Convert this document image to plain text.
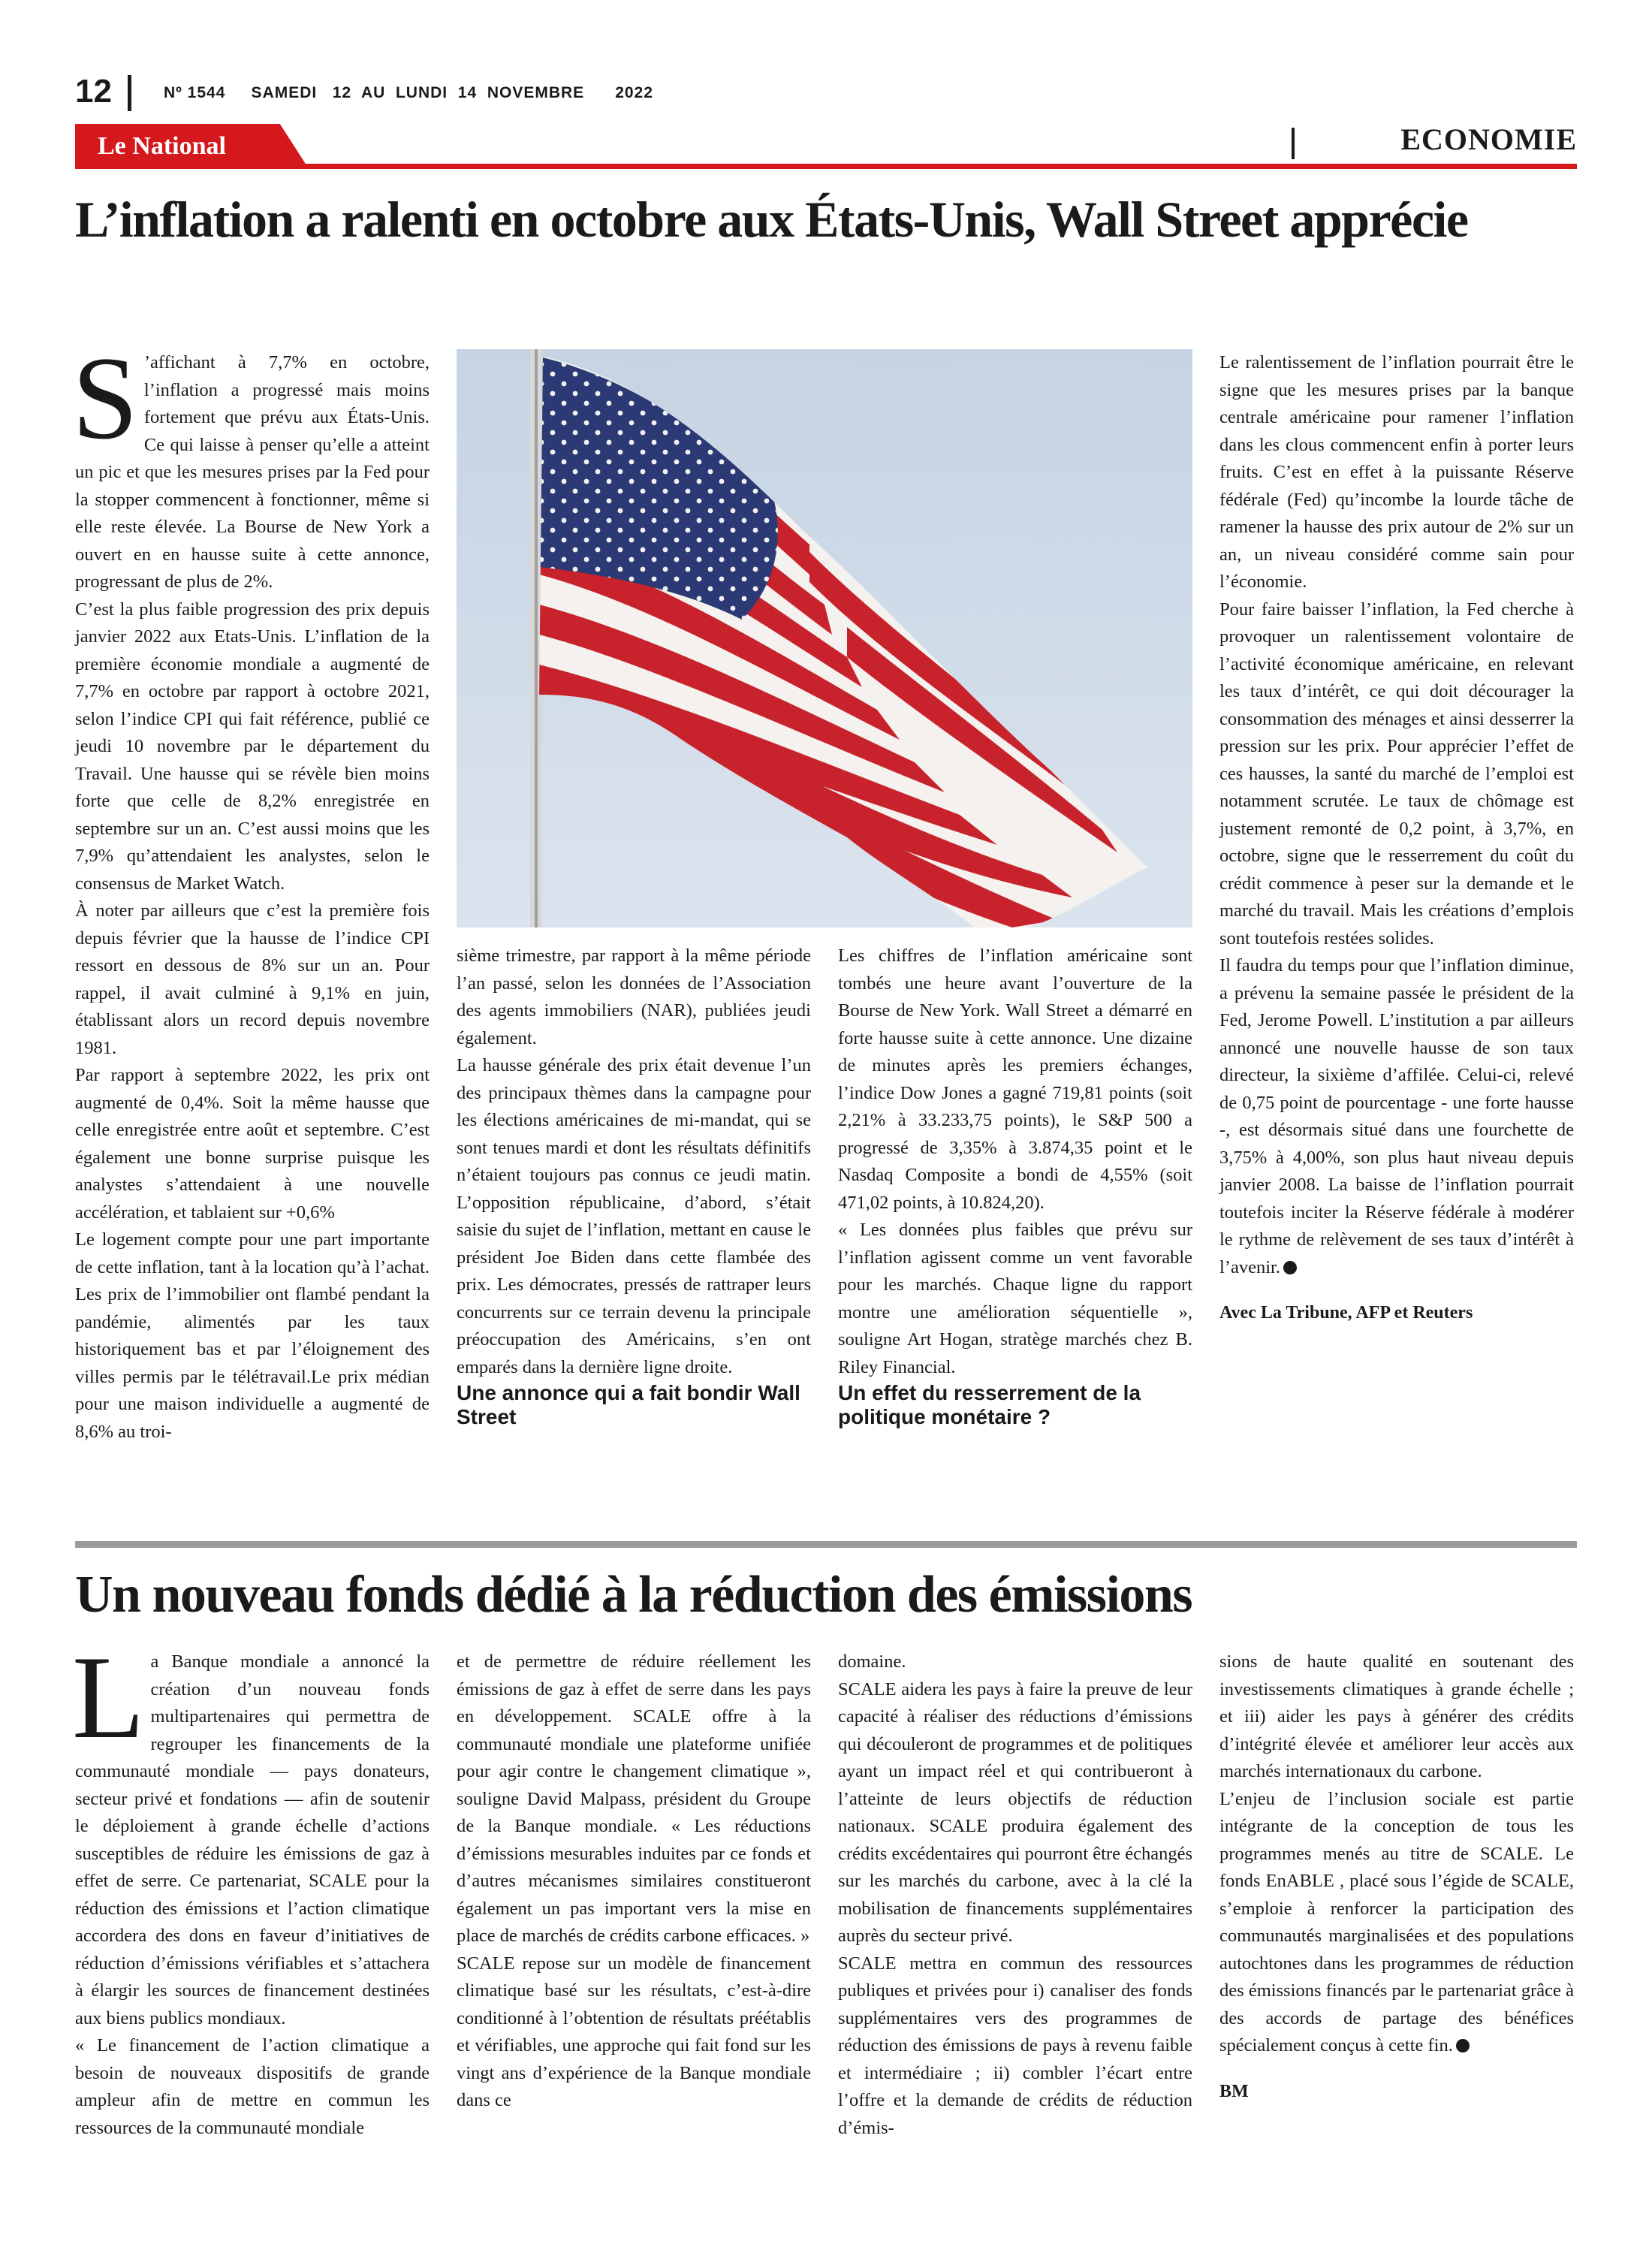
12	Nº 1544     SAMEDI   12  AU  LUNDI  14  NOVEMBRE      2022
Le National	ECONOMIE
L’inflation a ralenti en octobre aux États-Unis, Wall Street apprécie

S ’affichant à 7,7% en octobre, l’inflation a progressé mais moins fortement que prévu aux États-Unis. Ce qui laisse à penser qu’elle a atteint un pic et que les mesures prises par la Fed pour la stopper commencent à fonctionner, même si elle reste élevée. La Bourse de New York a ouvert en en hausse suite à cette annonce, progressant de plus de 2%.

C’est la plus faible progression des prix depuis janvier 2022 aux Etats-Unis. L’inflation de la première économie mondiale a augmenté de 7,7% en octobre par rapport à octobre 2021, selon l’indice CPI qui fait référence, publié ce jeudi 10 novembre par le département du Travail. Une hausse qui se révèle bien moins forte que celle de 8,2% enregistrée en septembre sur un an. C’est aussi moins que les 7,9% qu’attendaient les analystes, selon le consensus de Market Watch.

À noter par ailleurs que c’est la première fois depuis février que la hausse de l’indice CPI ressort en dessous de 8% sur un an. Pour rappel, il avait culminé à 9,1% en juin, établissant alors un record depuis novembre 1981.

Par rapport à septembre 2022, les prix ont augmenté de 0,4%. Soit la même hausse que celle enregistrée entre août et septembre. C’est également une bonne surprise puisque les analystes s’attendaient à une nouvelle accélération, et tablaient sur +0,6%

Le logement compte pour une part importante de cette inflation, tant à la location qu’à l’achat. Les prix de l’immobilier ont flambé pendant la pandémie, alimentés par les taux historiquement bas et par l’éloignement des villes permis par le télétravail.Le prix médian pour une maison individuelle a augmenté de 8,6% au troi-

sième trimestre, par rapport à la même période l’an passé, selon les données de l’Association des agents immobiliers (NAR), publiées jeudi également.

La hausse générale des prix était devenue l’un des principaux thèmes dans la campagne pour les élections américaines de mi-mandat, qui se sont tenues mardi et dont les résultats définitifs n’étaient toujours pas connus ce jeudi matin. L’opposition républicaine, d’abord, s’était saisie du sujet de l’inflation, mettant en cause le président Joe Biden dans cette flambée des prix. Les démocrates, pressés de rattraper leurs concurrents sur ce terrain devenu la principale préoccupation des Américains, s’en ont emparés dans la dernière ligne droite.

Une annonce qui a fait bondir Wall Street

Les chiffres de l’inflation américaine sont tombés une heure avant l’ouverture de la Bourse de New York. Wall Street a démarré en forte hausse suite à cette annonce. Une dizaine de minutes après les premiers échanges, l’indice Dow Jones a gagné 719,81 points (soit 2,21% à 33.233,75 points), le S&P 500 a progressé de 3,35% à 3.874,35 point et le Nasdaq Composite a bondi de 4,55% (soit 471,02 points, à 10.824,20).

« Les données plus faibles que prévu sur l’inflation agissent comme un vent favorable pour les marchés. Chaque ligne du rapport montre une amélioration séquentielle », souligne Art Hogan, stratège marchés chez B. Riley Financial.

Un effet du resserrement de la politique monétaire ?

Le ralentissement de l’inflation pourrait être le signe que les mesures prises par la banque centrale américaine pour ramener l’inflation dans les clous commencent enfin à porter leurs fruits. C’est en effet à la puissante Réserve fédérale (Fed) qu’incombe la lourde tâche de ramener la hausse des prix autour de 2% sur un an, un niveau considéré comme sain pour l’économie.

Pour faire baisser l’inflation, la Fed cherche à provoquer un ralentissement volontaire de l’activité économique américaine, en relevant les taux d’intérêt, ce qui doit décourager la consommation des ménages et ainsi desserrer la pression sur les prix. Pour apprécier l’effet de ces hausses, la santé du marché de l’emploi est notamment scrutée. Le taux de chômage est justement remonté de 0,2 point, à 3,7%, en octobre, signe que le resserrement du coût du crédit commence à peser sur la demande et le marché du travail. Mais les créations d’emplois sont toutefois restées solides.

Il faudra du temps pour que l’inflation diminue, a prévenu la semaine passée le président de la Fed, Jerome Powell. L’institution a par ailleurs annoncé une nouvelle hausse de son taux directeur, la sixième d’affilée. Celui-ci, relevé de 0,75 point de pourcentage - une forte hausse -, est désormais situé dans une fourchette de 3,75% à 4,00%, son plus haut niveau depuis janvier 2008. La baisse de l’inflation pourrait toutefois inciter la Réserve fédérale à modérer le rythme de relèvement de ses taux d’intérêt à l’avenir.

Avec La Tribune, AFP et Reuters

Un nouveau fonds dédié à la réduction des émissions

La Banque mondiale a annoncé la création d’un nouveau fonds multipartenaires qui permettra de regrouper les financements de la communauté mondiale — pays donateurs, secteur privé et fondations — afin de soutenir le déploiement à grande échelle d’actions susceptibles de réduire les émissions de gaz à effet de serre. Ce partenariat, SCALE pour la réduction des émissions et l’action climatique accordera des dons en faveur d’initiatives de réduction d’émissions vérifiables et s’attachera à élargir les sources de financement destinées aux biens publics mondiaux.

« Le financement de l’action climatique a besoin de nouveaux dispositifs de grande ampleur afin de mettre en commun les ressources de la communauté mondiale

et de permettre de réduire réellement les émissions de gaz à effet de serre dans les pays en développement. SCALE offre à la communauté mondiale une plateforme unifiée pour agir contre le changement climatique », souligne David Malpass, président du Groupe de la Banque mondiale. « Les réductions d’émissions mesurables induites par ce fonds et d’autres mécanismes similaires constitueront également un pas important vers la mise en place de marchés de crédits carbone efficaces. »

SCALE repose sur un modèle de financement climatique basé sur les résultats, c’est-à-dire conditionné à l’obtention de résultats préétablis et vérifiables, une approche qui fait fond sur les vingt ans d’expérience de la Banque mondiale dans ce

domaine.

SCALE aidera les pays à faire la preuve de leur capacité à réaliser des réductions d’émissions qui découleront de programmes et de politiques ayant un impact réel et qui contribueront à l’atteinte de leurs objectifs de réduction nationaux. SCALE produira également des crédits excédentaires qui pourront être échangés sur les marchés du carbone, avec à la clé la mobilisation de financements supplémentaires auprès du secteur privé.

SCALE mettra en commun des ressources publiques et privées pour i) canaliser des fonds supplémentaires vers des programmes de réduction des émissions de pays à revenu faible et intermédiaire ; ii) combler l’écart entre l’offre et la demande de crédits de réduction d’émis-

sions de haute qualité en soutenant des investissements climatiques à grande échelle ; et iii) aider les pays à générer des crédits d’intégrité élevée et améliorer leur accès aux marchés internationaux du carbone.

L’enjeu de l’inclusion sociale est partie intégrante de la conception de tous les programmes menés au titre de SCALE. Le fonds EnABLE , placé sous l’égide de SCALE, s’emploie à renforcer la participation des communautés marginalisées et des populations autochtones dans les programmes de réduction des émissions financés par le partenariat grâce à des accords de partage des bénéfices spécialement conçus à cette fin.

BM
